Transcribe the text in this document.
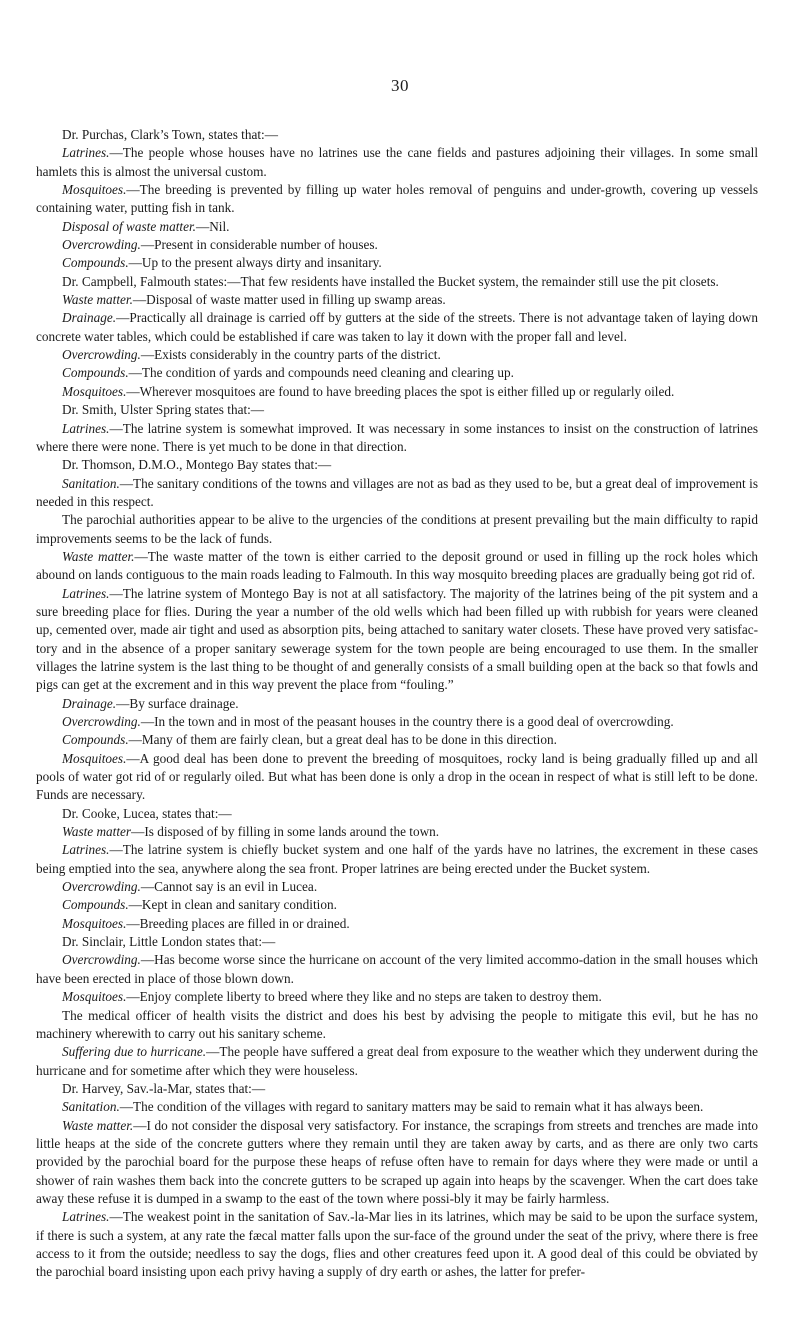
30

Dr. Purchas, Clark’s Town, states that:—

Latrines.—The people whose houses have no latrines use the cane fields and pastures adjoining their villages. In some small hamlets this is almost the universal custom.

Mosquitoes.—The breeding is prevented by filling up water holes removal of penguins and under-growth, covering up vessels containing water, putting fish in tank.

Disposal of waste matter.—Nil.

Overcrowding.—Present in considerable number of houses.

Compounds.—Up to the present always dirty and insanitary.

Dr. Campbell, Falmouth states:—That few residents have installed the Bucket system, the remainder still use the pit closets.

Waste matter.—Disposal of waste matter used in filling up swamp areas.

Drainage.—Practically all drainage is carried off by gutters at the side of the streets. There is not advantage taken of laying down concrete water tables, which could be established if care was taken to lay it down with the proper fall and level.

Overcrowding.—Exists considerably in the country parts of the district.

Compounds.—The condition of yards and compounds need cleaning and clearing up.

Mosquitoes.—Wherever mosquitoes are found to have breeding places the spot is either filled up or regularly oiled.

Dr. Smith, Ulster Spring states that:—

Latrines.—The latrine system is somewhat improved. It was necessary in some instances to insist on the construction of latrines where there were none. There is yet much to be done in that direction.

Dr. Thomson, D.M.O., Montego Bay states that:—

Sanitation.—The sanitary conditions of the towns and villages are not as bad as they used to be, but a great deal of improvement is needed in this respect.

The parochial authorities appear to be alive to the urgencies of the conditions at present prevailing but the main difficulty to rapid improvements seems to be the lack of funds.

Waste matter.—The waste matter of the town is either carried to the deposit ground or used in filling up the rock holes which abound on lands contiguous to the main roads leading to Falmouth. In this way mosquito breeding places are gradually being got rid of.

Latrines.—The latrine system of Montego Bay is not at all satisfactory. The majority of the latrines being of the pit system and a sure breeding place for flies. During the year a number of the old wells which had been filled up with rubbish for years were cleaned up, cemented over, made air tight and used as absorption pits, being attached to sanitary water closets. These have proved very satisfac-tory and in the absence of a proper sanitary sewerage system for the town people are being encouraged to use them. In the smaller villages the latrine system is the last thing to be thought of and generally consists of a small building open at the back so that fowls and pigs can get at the excrement and in this way prevent the place from “fouling.”

Drainage.—By surface drainage.

Overcrowding.—In the town and in most of the peasant houses in the country there is a good deal of overcrowding.

Compounds.—Many of them are fairly clean, but a great deal has to be done in this direction.

Mosquitoes.—A good deal has been done to prevent the breeding of mosquitoes, rocky land is being gradually filled up and all pools of water got rid of or regularly oiled. But what has been done is only a drop in the ocean in respect of what is still left to be done. Funds are necessary.

Dr. Cooke, Lucea, states that:—

Waste matter—Is disposed of by filling in some lands around the town.

Latrines.—The latrine system is chiefly bucket system and one half of the yards have no latrines, the excrement in these cases being emptied into the sea, anywhere along the sea front. Proper latrines are being erected under the Bucket system.

Overcrowding.—Cannot say is an evil in Lucea.

Compounds.—Kept in clean and sanitary condition.

Mosquitoes.—Breeding places are filled in or drained.

Dr. Sinclair, Little London states that:—

Overcrowding.—Has become worse since the hurricane on account of the very limited accommo-dation in the small houses which have been erected in place of those blown down.

Mosquitoes.—Enjoy complete liberty to breed where they like and no steps are taken to destroy them.

The medical officer of health visits the district and does his best by advising the people to mitigate this evil, but he has no machinery wherewith to carry out his sanitary scheme.

Suffering due to hurricane.—The people have suffered a great deal from exposure to the weather which they underwent during the hurricane and for sometime after which they were houseless.

Dr. Harvey, Sav.-la-Mar, states that:—

Sanitation.—The condition of the villages with regard to sanitary matters may be said to remain what it has always been.

Waste matter.—I do not consider the disposal very satisfactory. For instance, the scrapings from streets and trenches are made into little heaps at the side of the concrete gutters where they remain until they are taken away by carts, and as there are only two carts provided by the parochial board for the purpose these heaps of refuse often have to remain for days where they were made or until a shower of rain washes them back into the concrete gutters to be scraped up again into heaps by the scavenger. When the cart does take away these refuse it is dumped in a swamp to the east of the town where possi-bly it may be fairly harmless.

Latrines.—The weakest point in the sanitation of Sav.-la-Mar lies in its latrines, which may be said to be upon the surface system, if there is such a system, at any rate the fæcal matter falls upon the sur-face of the ground under the seat of the privy, where there is free access to it from the outside; needless to say the dogs, flies and other creatures feed upon it. A good deal of this could be obviated by the parochial board insisting upon each privy having a supply of dry earth or ashes, the latter for prefer-
